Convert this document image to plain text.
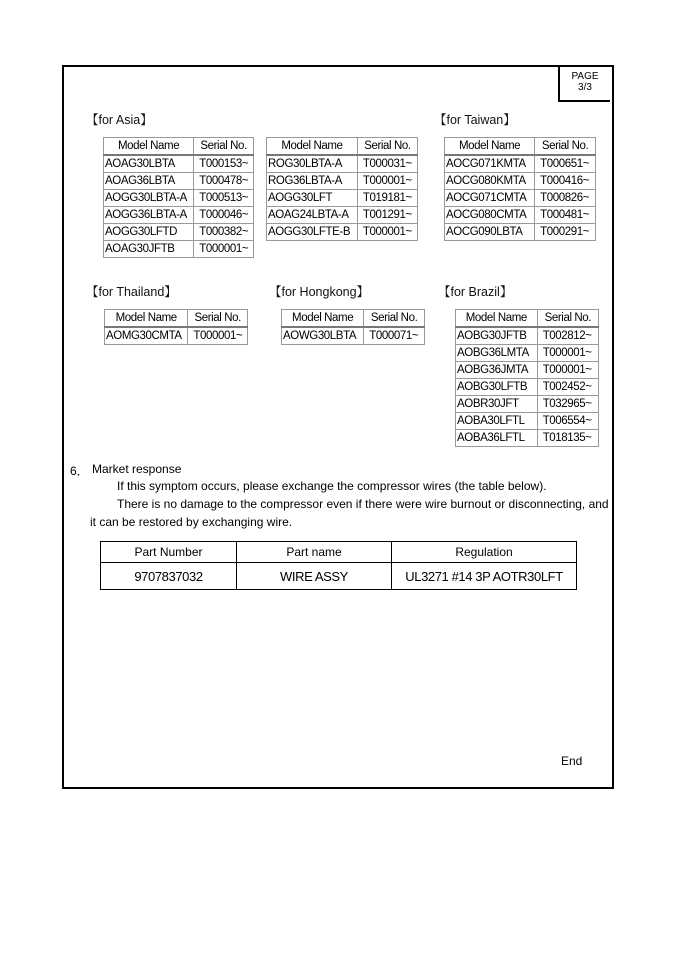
PAGE
3/3
【for Asia】
Model Name	Serial No.
AOAG30LBTA	T000153~
AOAG36LBTA	T000478~
AOGG30LBTA-A	T000513~
AOGG36LBTA-A	T000046~
AOGG30LFTD	T000382~
AOAG30JFTB	T000001~
Model Name	Serial No.
ROG30LBTA-A	T000031~
ROG36LBTA-A	T000001~
AOGG30LFT	T019181~
AOAG24LBTA-A	T001291~
AOGG30LFTE-B	T000001~
【for Taiwan】
Model Name	Serial No.
AOCG071KMTA	T000651~
AOCG080KMTA	T000416~
AOCG071CMTA	T000826~
AOCG080CMTA	T000481~
AOCG090LBTA	T000291~
【for Thailand】
Model Name	Serial No.
AOMG30CMTA	T000001~
【for Hongkong】
Model Name	Serial No.
AOWG30LBTA	T000071~
【for Brazil】
Model Name	Serial No.
AOBG30JFTB	T002812~
AOBG36LMTA	T000001~
AOBG36JMTA	T000001~
AOBG30LFTB	T002452~
AOBR30JFT	T032965~
AOBA30LFTL	T006554~
AOBA36LFTL	T018135~
6． Market response
If this symptom occurs, please exchange the compressor wires (the table below).
There is no damage to the compressor even if there were wire burnout or disconnecting, and
it can be restored by exchanging wire.
Part Number	Part name	Regulation
9707837032	WIRE ASSY	UL3271 #14 3P AOTR30LFT
End
